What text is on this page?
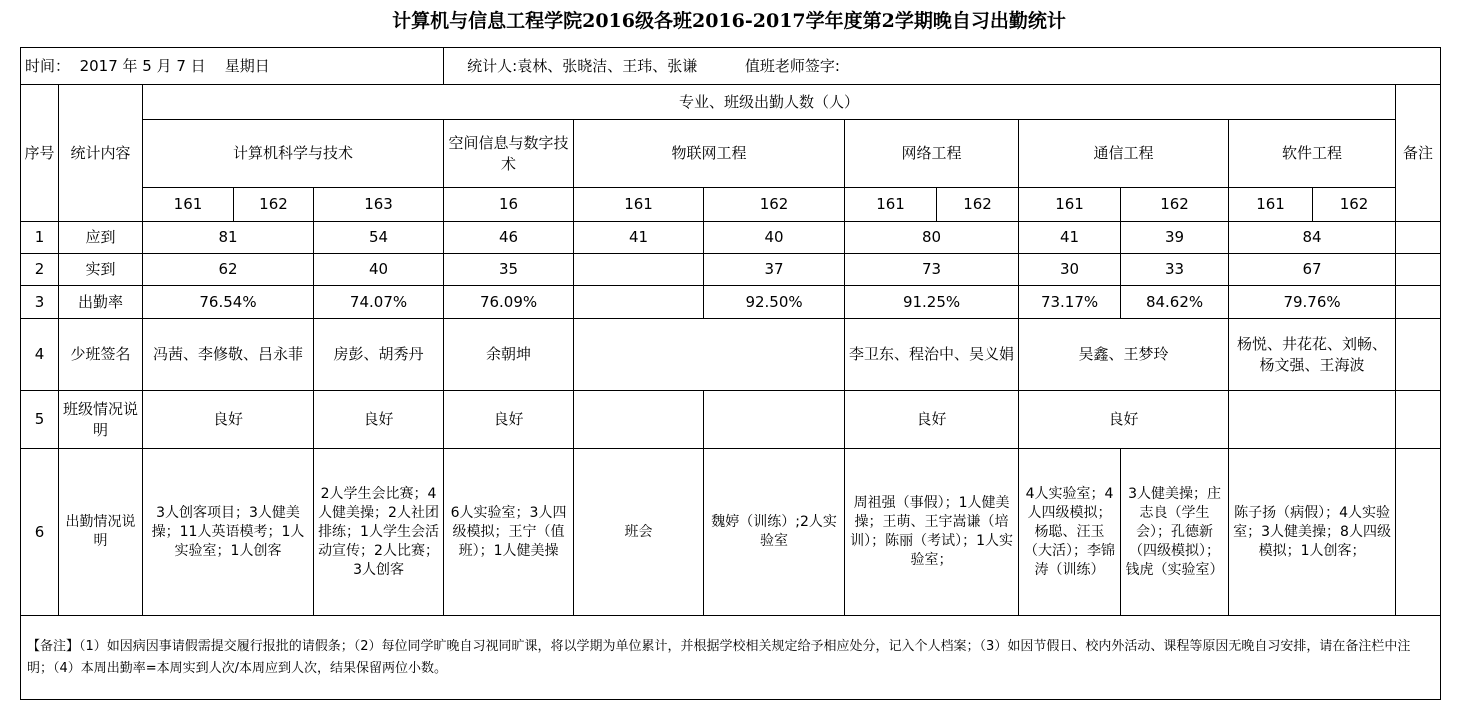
计算机与信息工程学院2016级各班2016-2017学年度第2学期晚自习出勤统计
时间： 2017 年 5 月 7 日 星期日					统计人:袁林、张晓洁、王玮、张谦 值班老师签字:									
序号	统计内容	专业、班级出勤人数（人）												备注
		计算机科学与技术			空间信息与数字技术	物联网工程		网络工程		通信工程		软件工程		
		161	162	163	16	161	162	161	162	161	162	161	162	
1	应到	81		54	46	41	40	80		41	39	84		
2	实到	62		40	35		37	73		30	33	67		
3	出勤率	76.54%		74.07%	76.09%		92.50%	91.25%		73.17%	84.62%	79.76%		
4	少班签名	冯茜、李修敬、吕永菲		房彭、胡秀丹	余朝坤			李卫东、程治中、吴义娟		吴鑫、王梦玲		杨悦、井花花、刘畅、杨文强、王海波		
5	班级情况说明	良好		良好	良好			良好		良好				
6	出勤情况说明	3人创客项目；3人健美操；11人英语模考；1人实验室；1人创客		2人学生会比赛；4人健美操；2人社团排练；1人学生会活动宣传；2人比赛；3人创客	6人实验室；3人四级模拟；王宁（值班）；1人健美操	班会	魏婷（训练）;2人实验室	周祖强（事假）；1人健美操；王萌、王宇嵩谦（培训）；陈丽（考试）；1人实验室；		4人实验室；4人四级模拟；杨聪、汪玉（大活）；李锦涛（训练）	3人健美操；庄志良（学生会）；孔德新（四级模拟）；钱虎（实验室）	陈子扬（病假）；4人实验室；3人健美操；8人四级模拟；1人创客；		
【备注】（1）如因病因事请假需提交履行报批的请假条；（2）每位同学旷晚自习视同旷课，将以学期为单位累计，并根据学校相关规定给予相应处分，记入个人档案；（3）如因节假日、校内外活动、课程等原因无晚自习安排，请在备注栏中注明；（4）本周出勤率=本周实到人次/本周应到人次，结果保留两位小数。														
